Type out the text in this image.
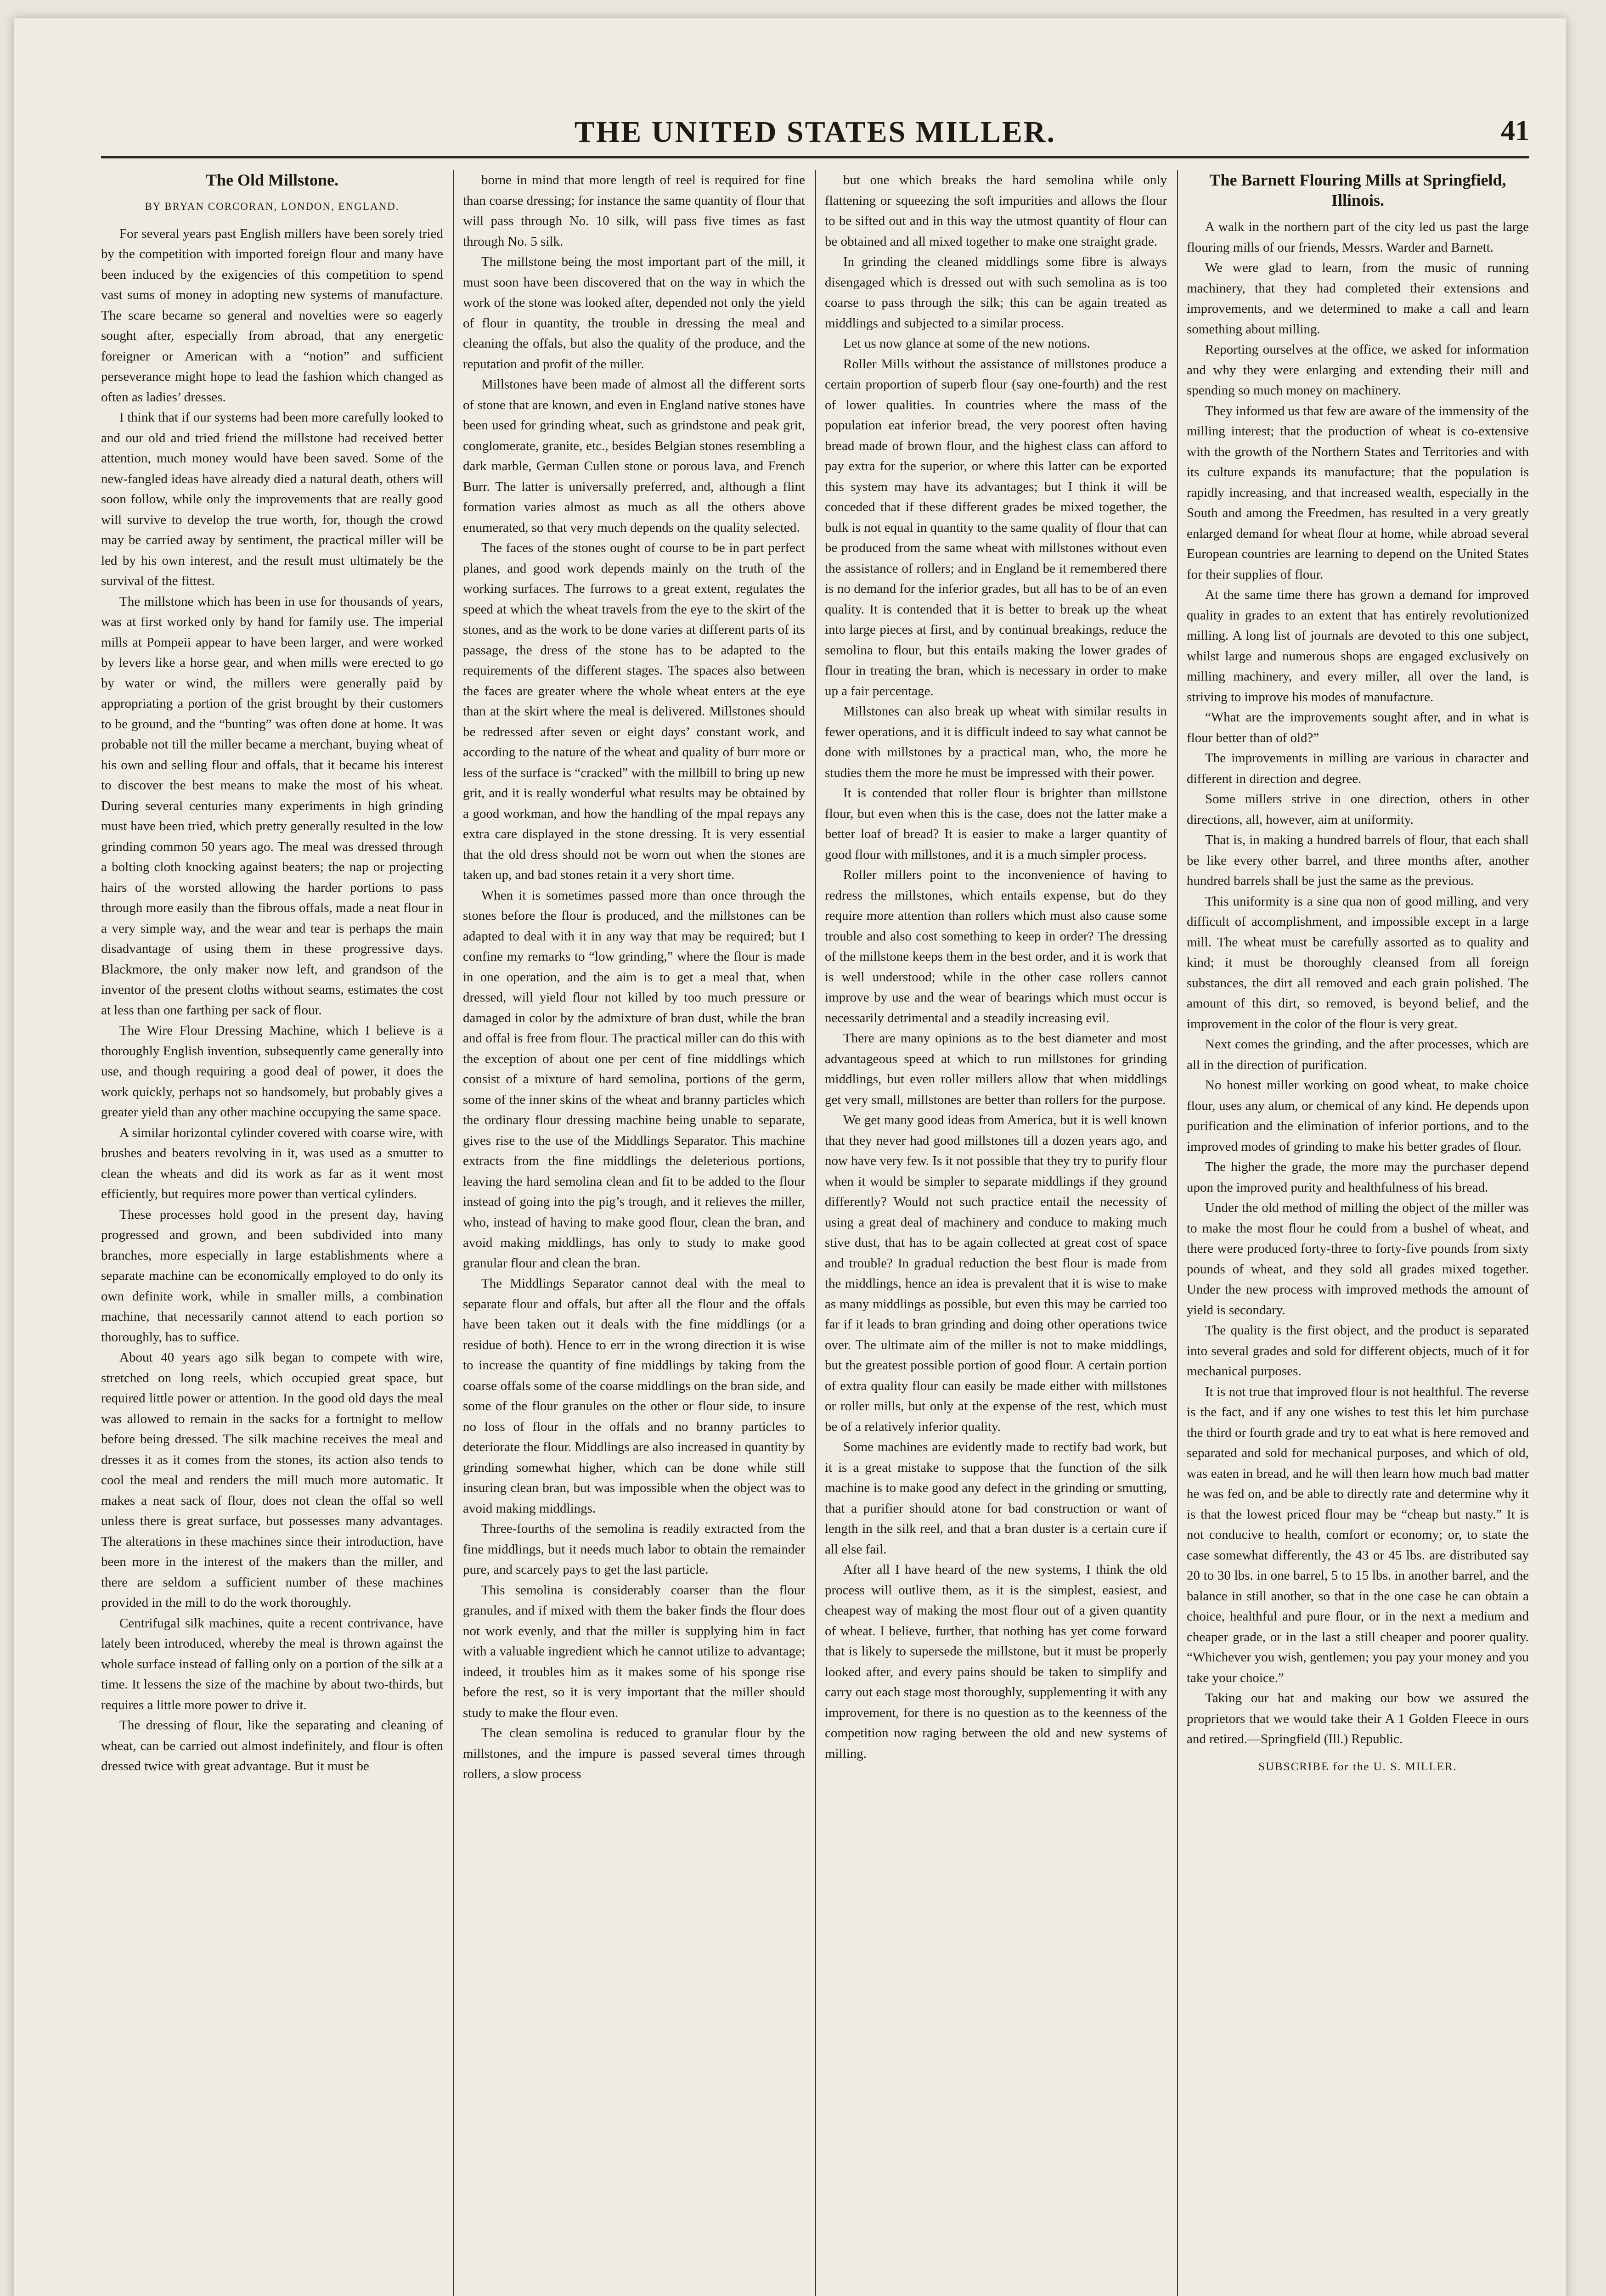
THE UNITED STATES MILLER.	41
The Old Millstone.
BY BRYAN CORCORAN, LONDON, ENGLAND.

For several years past English millers have been sorely tried by the competition with imported foreign flour and many have been induced by the exigencies of this competition to spend vast sums of money in adopting new systems of manufacture. The scare became so general and novelties were so eagerly sought after, especially from abroad, that any energetic foreigner or American with a “notion” and sufficient perseverance might hope to lead the fashion which changed as often as ladies’ dresses.

I think that if our systems had been more carefully looked to and our old and tried friend the millstone had received better attention, much money would have been saved. Some of the new-fangled ideas have already died a natural death, others will soon follow, while only the improvements that are really good will survive to develop the true worth, for, though the crowd may be carried away by sentiment, the practical miller will be led by his own interest, and the result must ultimately be the survival of the fittest.

The millstone which has been in use for thousands of years, was at first worked only by hand for family use. The imperial mills at Pompeii appear to have been larger, and were worked by levers like a horse gear, and when mills were erected to go by water or wind, the millers were generally paid by appropriating a portion of the grist brought by their customers to be ground, and the “bunting” was often done at home. It was probable not till the miller became a merchant, buying wheat of his own and selling flour and offals, that it became his interest to discover the best means to make the most of his wheat. During several centuries many experiments in high grinding must have been tried, which pretty generally resulted in the low grinding common 50 years ago. The meal was dressed through a bolting cloth knocking against beaters; the nap or projecting hairs of the worsted allowing the harder portions to pass through more easily than the fibrous offals, made a neat flour in a very simple way, and the wear and tear is perhaps the main disadvantage of using them in these progressive days. Blackmore, the only maker now left, and grandson of the inventor of the present cloths without seams, estimates the cost at less than one farthing per sack of flour.

The Wire Flour Dressing Machine, which I believe is a thoroughly English invention, subsequently came generally into use, and though requiring a good deal of power, it does the work quickly, perhaps not so handsomely, but probably gives a greater yield than any other machine occupying the same space.

A similar horizontal cylinder covered with coarse wire, with brushes and beaters revolving in it, was used as a smutter to clean the wheats and did its work as far as it went most efficiently, but requires more power than vertical cylinders.

These processes hold good in the present day, having progressed and grown, and been subdivided into many branches, more especially in large establishments where a separate machine can be economically employed to do only its own definite work, while in smaller mills, a combination machine, that necessarily cannot attend to each portion so thoroughly, has to suffice.

About 40 years ago silk began to compete with wire, stretched on long reels, which occupied great space, but required little power or attention. In the good old days the meal was allowed to remain in the sacks for a fortnight to mellow before being dressed. The silk machine receives the meal and dresses it as it comes from the stones, its action also tends to cool the meal and renders the mill much more automatic. It makes a neat sack of flour, does not clean the offal so well unless there is great surface, but possesses many advantages. The alterations in these machines since their introduction, have been more in the interest of the makers than the miller, and there are seldom a sufficient number of these machines provided in the mill to do the work thoroughly.

Centrifugal silk machines, quite a recent contrivance, have lately been introduced, whereby the meal is thrown against the whole surface instead of falling only on a portion of the silk at a time. It lessens the size of the machine by about two-thirds, but requires a little more power to drive it.

The dressing of flour, like the separating and cleaning of wheat, can be carried out almost indefinitely, and flour is often dressed twice with great advantage. But it must be

borne in mind that more length of reel is required for fine than coarse dressing; for instance the same quantity of flour that will pass through No. 10 silk, will pass five times as fast through No. 5 silk.

The millstone being the most important part of the mill, it must soon have been discovered that on the way in which the work of the stone was looked after, depended not only the yield of flour in quantity, the trouble in dressing the meal and cleaning the offals, but also the quality of the produce, and the reputation and profit of the miller.

Millstones have been made of almost all the different sorts of stone that are known, and even in England native stones have been used for grinding wheat, such as grindstone and peak grit, conglomerate, granite, etc., besides Belgian stones resembling a dark marble, German Cullen stone or porous lava, and French Burr. The latter is universally preferred, and, although a flint formation varies almost as much as all the others above enumerated, so that very much depends on the quality selected.

The faces of the stones ought of course to be in part perfect planes, and good work depends mainly on the truth of the working surfaces. The furrows to a great extent, regulates the speed at which the wheat travels from the eye to the skirt of the stones, and as the work to be done varies at different parts of its passage, the dress of the stone has to be adapted to the requirements of the different stages. The spaces also between the faces are greater where the whole wheat enters at the eye than at the skirt where the meal is delivered. Millstones should be redressed after seven or eight days’ constant work, and according to the nature of the wheat and quality of burr more or less of the surface is “cracked” with the millbill to bring up new grit, and it is really wonderful what results may be obtained by a good workman, and how the handling of the mpal repays any extra care displayed in the stone dressing. It is very essential that the old dress should not be worn out when the stones are taken up, and bad stones retain it a very short time.

When it is sometimes passed more than once through the stones before the flour is produced, and the millstones can be adapted to deal with it in any way that may be required; but I confine my remarks to “low grinding,” where the flour is made in one operation, and the aim is to get a meal that, when dressed, will yield flour not killed by too much pressure or damaged in color by the admixture of bran dust, while the bran and offal is free from flour. The practical miller can do this with the exception of about one per cent of fine middlings which consist of a mixture of hard semolina, portions of the germ, some of the inner skins of the wheat and branny particles which the ordinary flour dressing machine being unable to separate, gives rise to the use of the Middlings Separator. This machine extracts from the fine middlings the deleterious portions, leaving the hard semolina clean and fit to be added to the flour instead of going into the pig’s trough, and it relieves the miller, who, instead of having to make good flour, clean the bran, and avoid making middlings, has only to study to make good granular flour and clean the bran.

The Middlings Separator cannot deal with the meal to separate flour and offals, but after all the flour and the offals have been taken out it deals with the fine middlings (or a residue of both). Hence to err in the wrong direction it is wise to increase the quantity of fine middlings by taking from the coarse offals some of the coarse middlings on the bran side, and some of the flour granules on the other or flour side, to insure no loss of flour in the offals and no branny particles to deteriorate the flour. Middlings are also increased in quantity by grinding somewhat higher, which can be done while still insuring clean bran, but was impossible when the object was to avoid making middlings.

Three-fourths of the semolina is readily extracted from the fine middlings, but it needs much labor to obtain the remainder pure, and scarcely pays to get the last particle.

This semolina is considerably coarser than the flour granules, and if mixed with them the baker finds the flour does not work evenly, and that the miller is supplying him in fact with a valuable ingredient which he cannot utilize to advantage; indeed, it troubles him as it makes some of his sponge rise before the rest, so it is very important that the miller should study to make the flour even.

The clean semolina is reduced to granular flour by the millstones, and the impure is passed several times through rollers, a slow process

but one which breaks the hard semolina while only flattening or squeezing the soft impurities and allows the flour to be sifted out and in this way the utmost quantity of flour can be obtained and all mixed together to make one straight grade.

In grinding the cleaned middlings some fibre is always disengaged which is dressed out with such semolina as is too coarse to pass through the silk; this can be again treated as middlings and subjected to a similar process.

Let us now glance at some of the new notions.

Roller Mills without the assistance of millstones produce a certain proportion of superb flour (say one-fourth) and the rest of lower qualities. In countries where the mass of the population eat inferior bread, the very poorest often having bread made of brown flour, and the highest class can afford to pay extra for the superior, or where this latter can be exported this system may have its advantages; but I think it will be conceded that if these different grades be mixed together, the bulk is not equal in quantity to the same quality of flour that can be produced from the same wheat with millstones without even the assistance of rollers; and in England be it remembered there is no demand for the inferior grades, but all has to be of an even quality. It is contended that it is better to break up the wheat into large pieces at first, and by continual breakings, reduce the semolina to flour, but this entails making the lower grades of flour in treating the bran, which is necessary in order to make up a fair percentage.

Millstones can also break up wheat with similar results in fewer operations, and it is difficult indeed to say what cannot be done with millstones by a practical man, who, the more he studies them the more he must be impressed with their power.

It is contended that roller flour is brighter than millstone flour, but even when this is the case, does not the latter make a better loaf of bread? It is easier to make a larger quantity of good flour with millstones, and it is a much simpler process.

Roller millers point to the inconvenience of having to redress the millstones, which entails expense, but do they require more attention than rollers which must also cause some trouble and also cost something to keep in order? The dressing of the millstone keeps them in the best order, and it is work that is well understood; while in the other case rollers cannot improve by use and the wear of bearings which must occur is necessarily detrimental and a steadily increasing evil.

There are many opinions as to the best diameter and most advantageous speed at which to run millstones for grinding middlings, but even roller millers allow that when middlings get very small, millstones are better than rollers for the purpose.

We get many good ideas from America, but it is well known that they never had good millstones till a dozen years ago, and now have very few. Is it not possible that they try to purify flour when it would be simpler to separate middlings if they ground differently? Would not such practice entail the necessity of using a great deal of machinery and conduce to making much stive dust, that has to be again collected at great cost of space and trouble? In gradual reduction the best flour is made from the middlings, hence an idea is prevalent that it is wise to make as many middlings as possible, but even this may be carried too far if it leads to bran grinding and doing other operations twice over. The ultimate aim of the miller is not to make middlings, but the greatest possible portion of good flour. A certain portion of extra quality flour can easily be made either with millstones or roller mills, but only at the expense of the rest, which must be of a relatively inferior quality.

Some machines are evidently made to rectify bad work, but it is a great mistake to suppose that the function of the silk machine is to make good any defect in the grinding or smutting, that a purifier should atone for bad construction or want of length in the silk reel, and that a bran duster is a certain cure if all else fail.

After all I have heard of the new systems, I think the old process will outlive them, as it is the simplest, easiest, and cheapest way of making the most flour out of a given quantity of wheat. I believe, further, that nothing has yet come forward that is likely to supersede the millstone, but it must be properly looked after, and every pains should be taken to simplify and carry out each stage most thoroughly, supplementing it with any improvement, for there is no question as to the keenness of the competition now raging between the old and new systems of milling.

The Barnett Flouring Mills at Springfield, Illinois.

A walk in the northern part of the city led us past the large flouring mills of our friends, Messrs. Warder and Barnett.

We were glad to learn, from the music of running machinery, that they had completed their extensions and improvements, and we determined to make a call and learn something about milling.

Reporting ourselves at the office, we asked for information and why they were enlarging and extending their mill and spending so much money on machinery.

They informed us that few are aware of the immensity of the milling interest; that the production of wheat is co-extensive with the growth of the Northern States and Territories and with its culture expands its manufacture; that the population is rapidly increasing, and that increased wealth, especially in the South and among the Freedmen, has resulted in a very greatly enlarged demand for wheat flour at home, while abroad several European countries are learning to depend on the United States for their supplies of flour.

At the same time there has grown a demand for improved quality in grades to an extent that has entirely revolutionized milling. A long list of journals are devoted to this one subject, whilst large and numerous shops are engaged exclusively on milling machinery, and every miller, all over the land, is striving to improve his modes of manufacture.

“What are the improvements sought after, and in what is flour better than of old?”

The improvements in milling are various in character and different in direction and degree.

Some millers strive in one direction, others in other directions, all, however, aim at uniformity.

That is, in making a hundred barrels of flour, that each shall be like every other barrel, and three months after, another hundred barrels shall be just the same as the previous.

This uniformity is a sine qua non of good milling, and very difficult of accomplishment, and impossible except in a large mill. The wheat must be carefully assorted as to quality and kind; it must be thoroughly cleansed from all foreign substances, the dirt all removed and each grain polished. The amount of this dirt, so removed, is beyond belief, and the improvement in the color of the flour is very great.

Next comes the grinding, and the after processes, which are all in the direction of purification.

No honest miller working on good wheat, to make choice flour, uses any alum, or chemical of any kind. He depends upon purification and the elimination of inferior portions, and to the improved modes of grinding to make his better grades of flour.

The higher the grade, the more may the purchaser depend upon the improved purity and healthfulness of his bread.

Under the old method of milling the object of the miller was to make the most flour he could from a bushel of wheat, and there were produced forty-three to forty-five pounds from sixty pounds of wheat, and they sold all grades mixed together. Under the new process with improved methods the amount of yield is secondary.

The quality is the first object, and the product is separated into several grades and sold for different objects, much of it for mechanical purposes.

It is not true that improved flour is not healthful. The reverse is the fact, and if any one wishes to test this let him purchase the third or fourth grade and try to eat what is here removed and separated and sold for mechanical purposes, and which of old, was eaten in bread, and he will then learn how much bad matter he was fed on, and be able to directly rate and determine why it is that the lowest priced flour may be “cheap but nasty.” It is not conducive to health, comfort or economy; or, to state the case somewhat differently, the 43 or 45 lbs. are distributed say 20 to 30 lbs. in one barrel, 5 to 15 lbs. in another barrel, and the balance in still another, so that in the one case he can obtain a choice, healthful and pure flour, or in the next a medium and cheaper grade, or in the last a still cheaper and poorer quality. “Whichever you wish, gentlemen; you pay your money and you take your choice.”

Taking our hat and making our bow we assured the proprietors that we would take their A 1 Golden Fleece in ours and retired.—Springfield (Ill.) Republic.

SUBSCRIBE for the U. S. MILLER.
